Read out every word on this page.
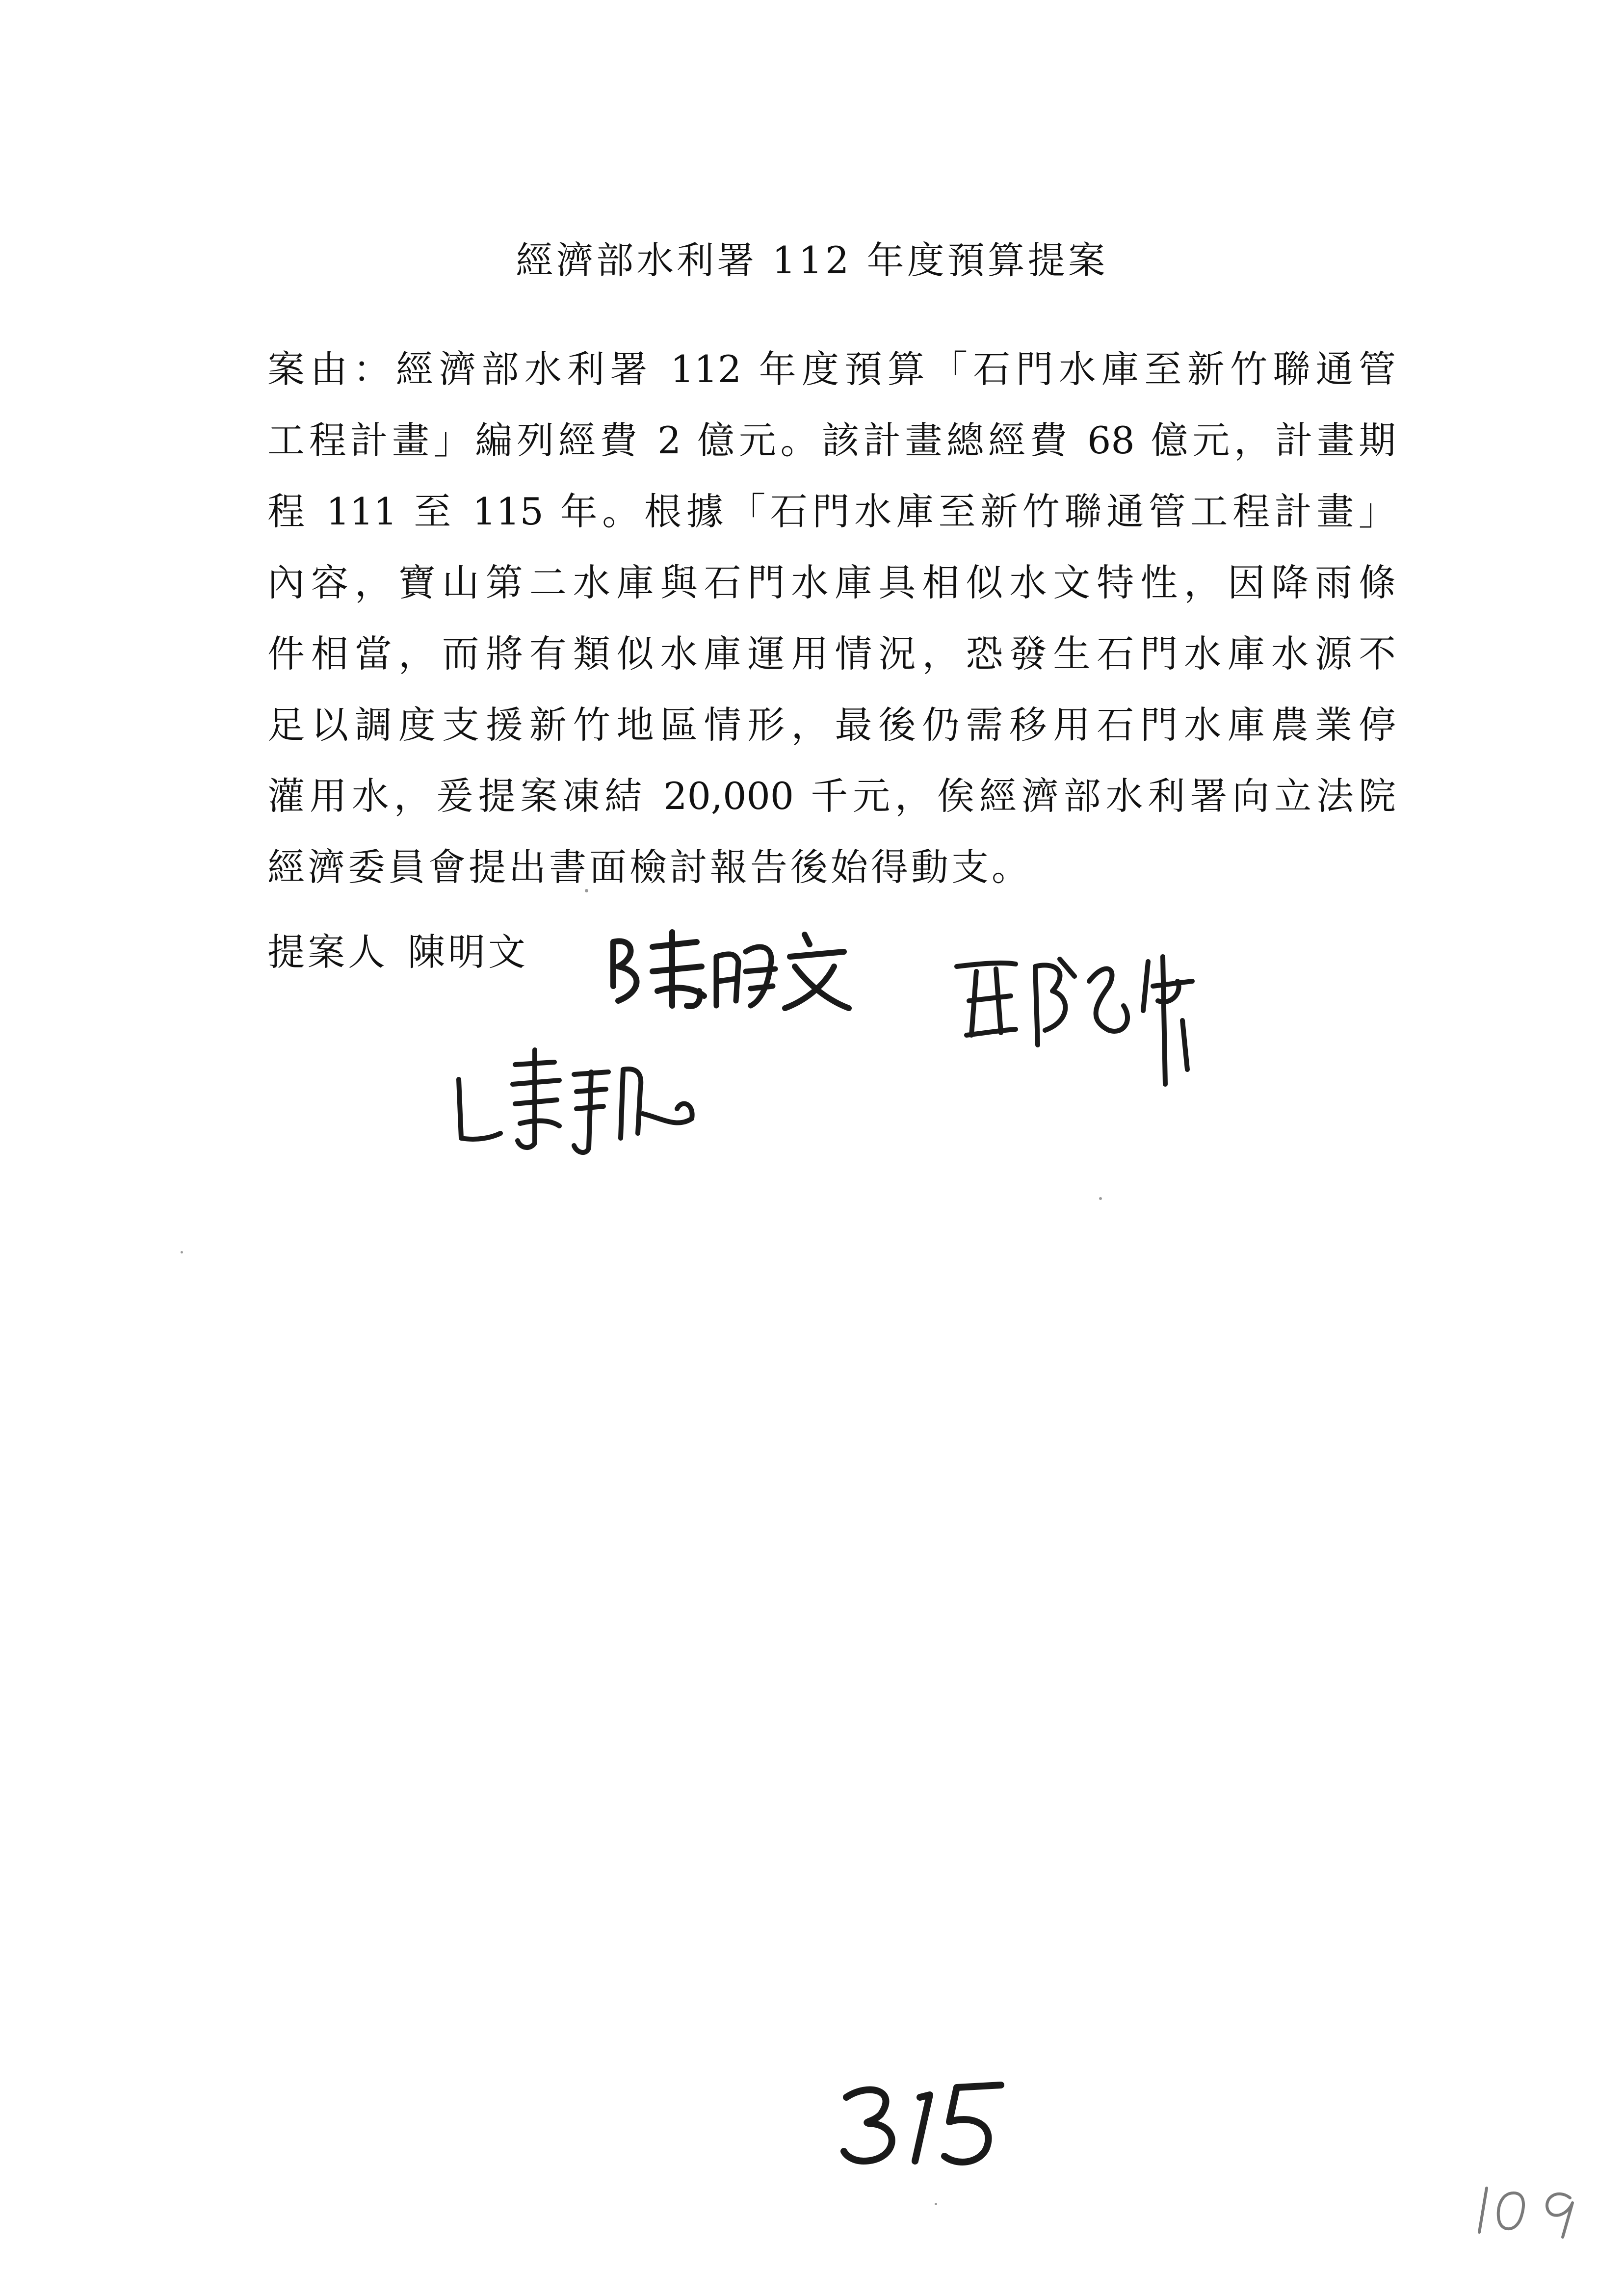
經濟部水利署 112 年度預算提案
案由：經濟部水利署 112 年度預算「石門水庫至新竹聯通管
工程計畫」編列經費 2 億元。該計畫總經費 68 億元，計畫期
程 111 至 115 年。根據「石門水庫至新竹聯通管工程計畫」
內容，寶山第二水庫與石門水庫具相似水文特性，因降雨條
件相當，而將有類似水庫運用情況，恐發生石門水庫水源不
足以調度支援新竹地區情形，最後仍需移用石門水庫農業停
灌用水，爰提案凍結 20,000 千元，俟經濟部水利署向立法院
經濟委員會提出書面檢討報告後始得動支。
提案人 陳明文
